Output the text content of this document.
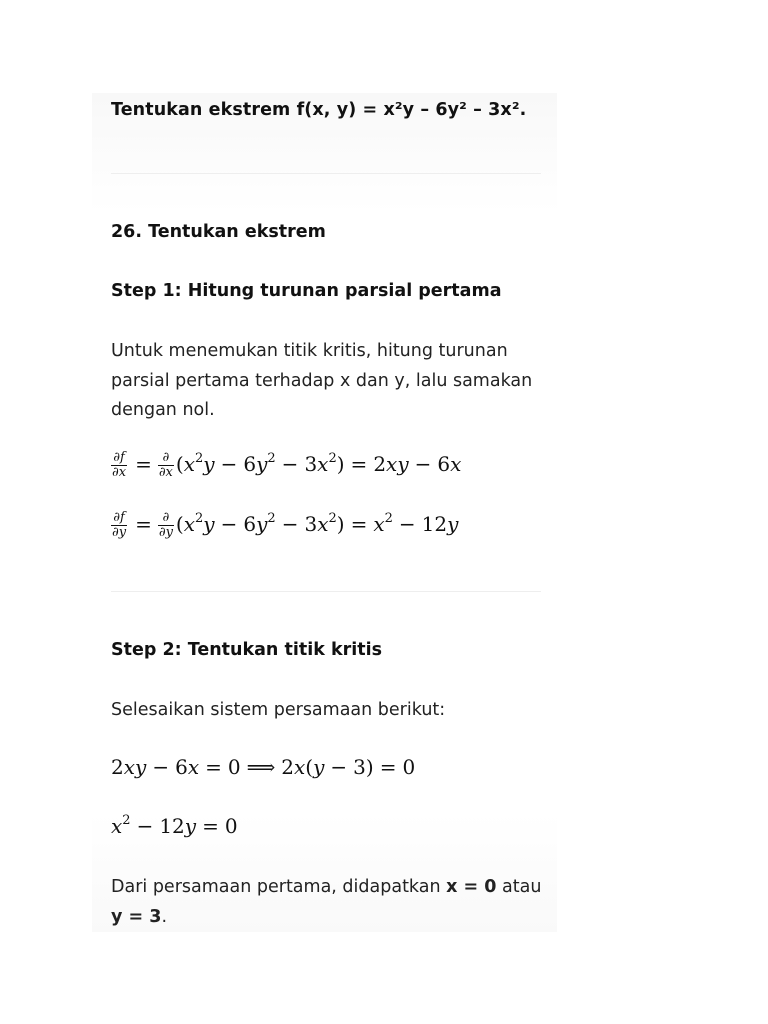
Tentukan ekstrem f(x, y) = x²y – 6y² – 3x².
26. Tentukan ekstrem
Step 1: Hitung turunan parsial pertama
Untuk menemukan titik kritis, hitung turunan parsial pertama terhadap x dan y, lalu samakan dengan nol.
$\frac{\partial f}{\partial x} = \frac{\partial}{\partial x} (x^2y - 6y^2 - 3x^2) = 2xy - 6x$
$\frac{\partial f}{\partial y} = \frac{\partial}{\partial y} (x^2y - 6y^2 - 3x^2) = x^2 - 12y$
Step 2: Tentukan titik kritis
Selesaikan sistem persamaan berikut:
2xy − 6x = 0 ⟹ 2x(y − 3) = 0
$x^2 - 12y = 0$
Dari persamaan pertama, didapatkan x = 0 atau y = 3.
